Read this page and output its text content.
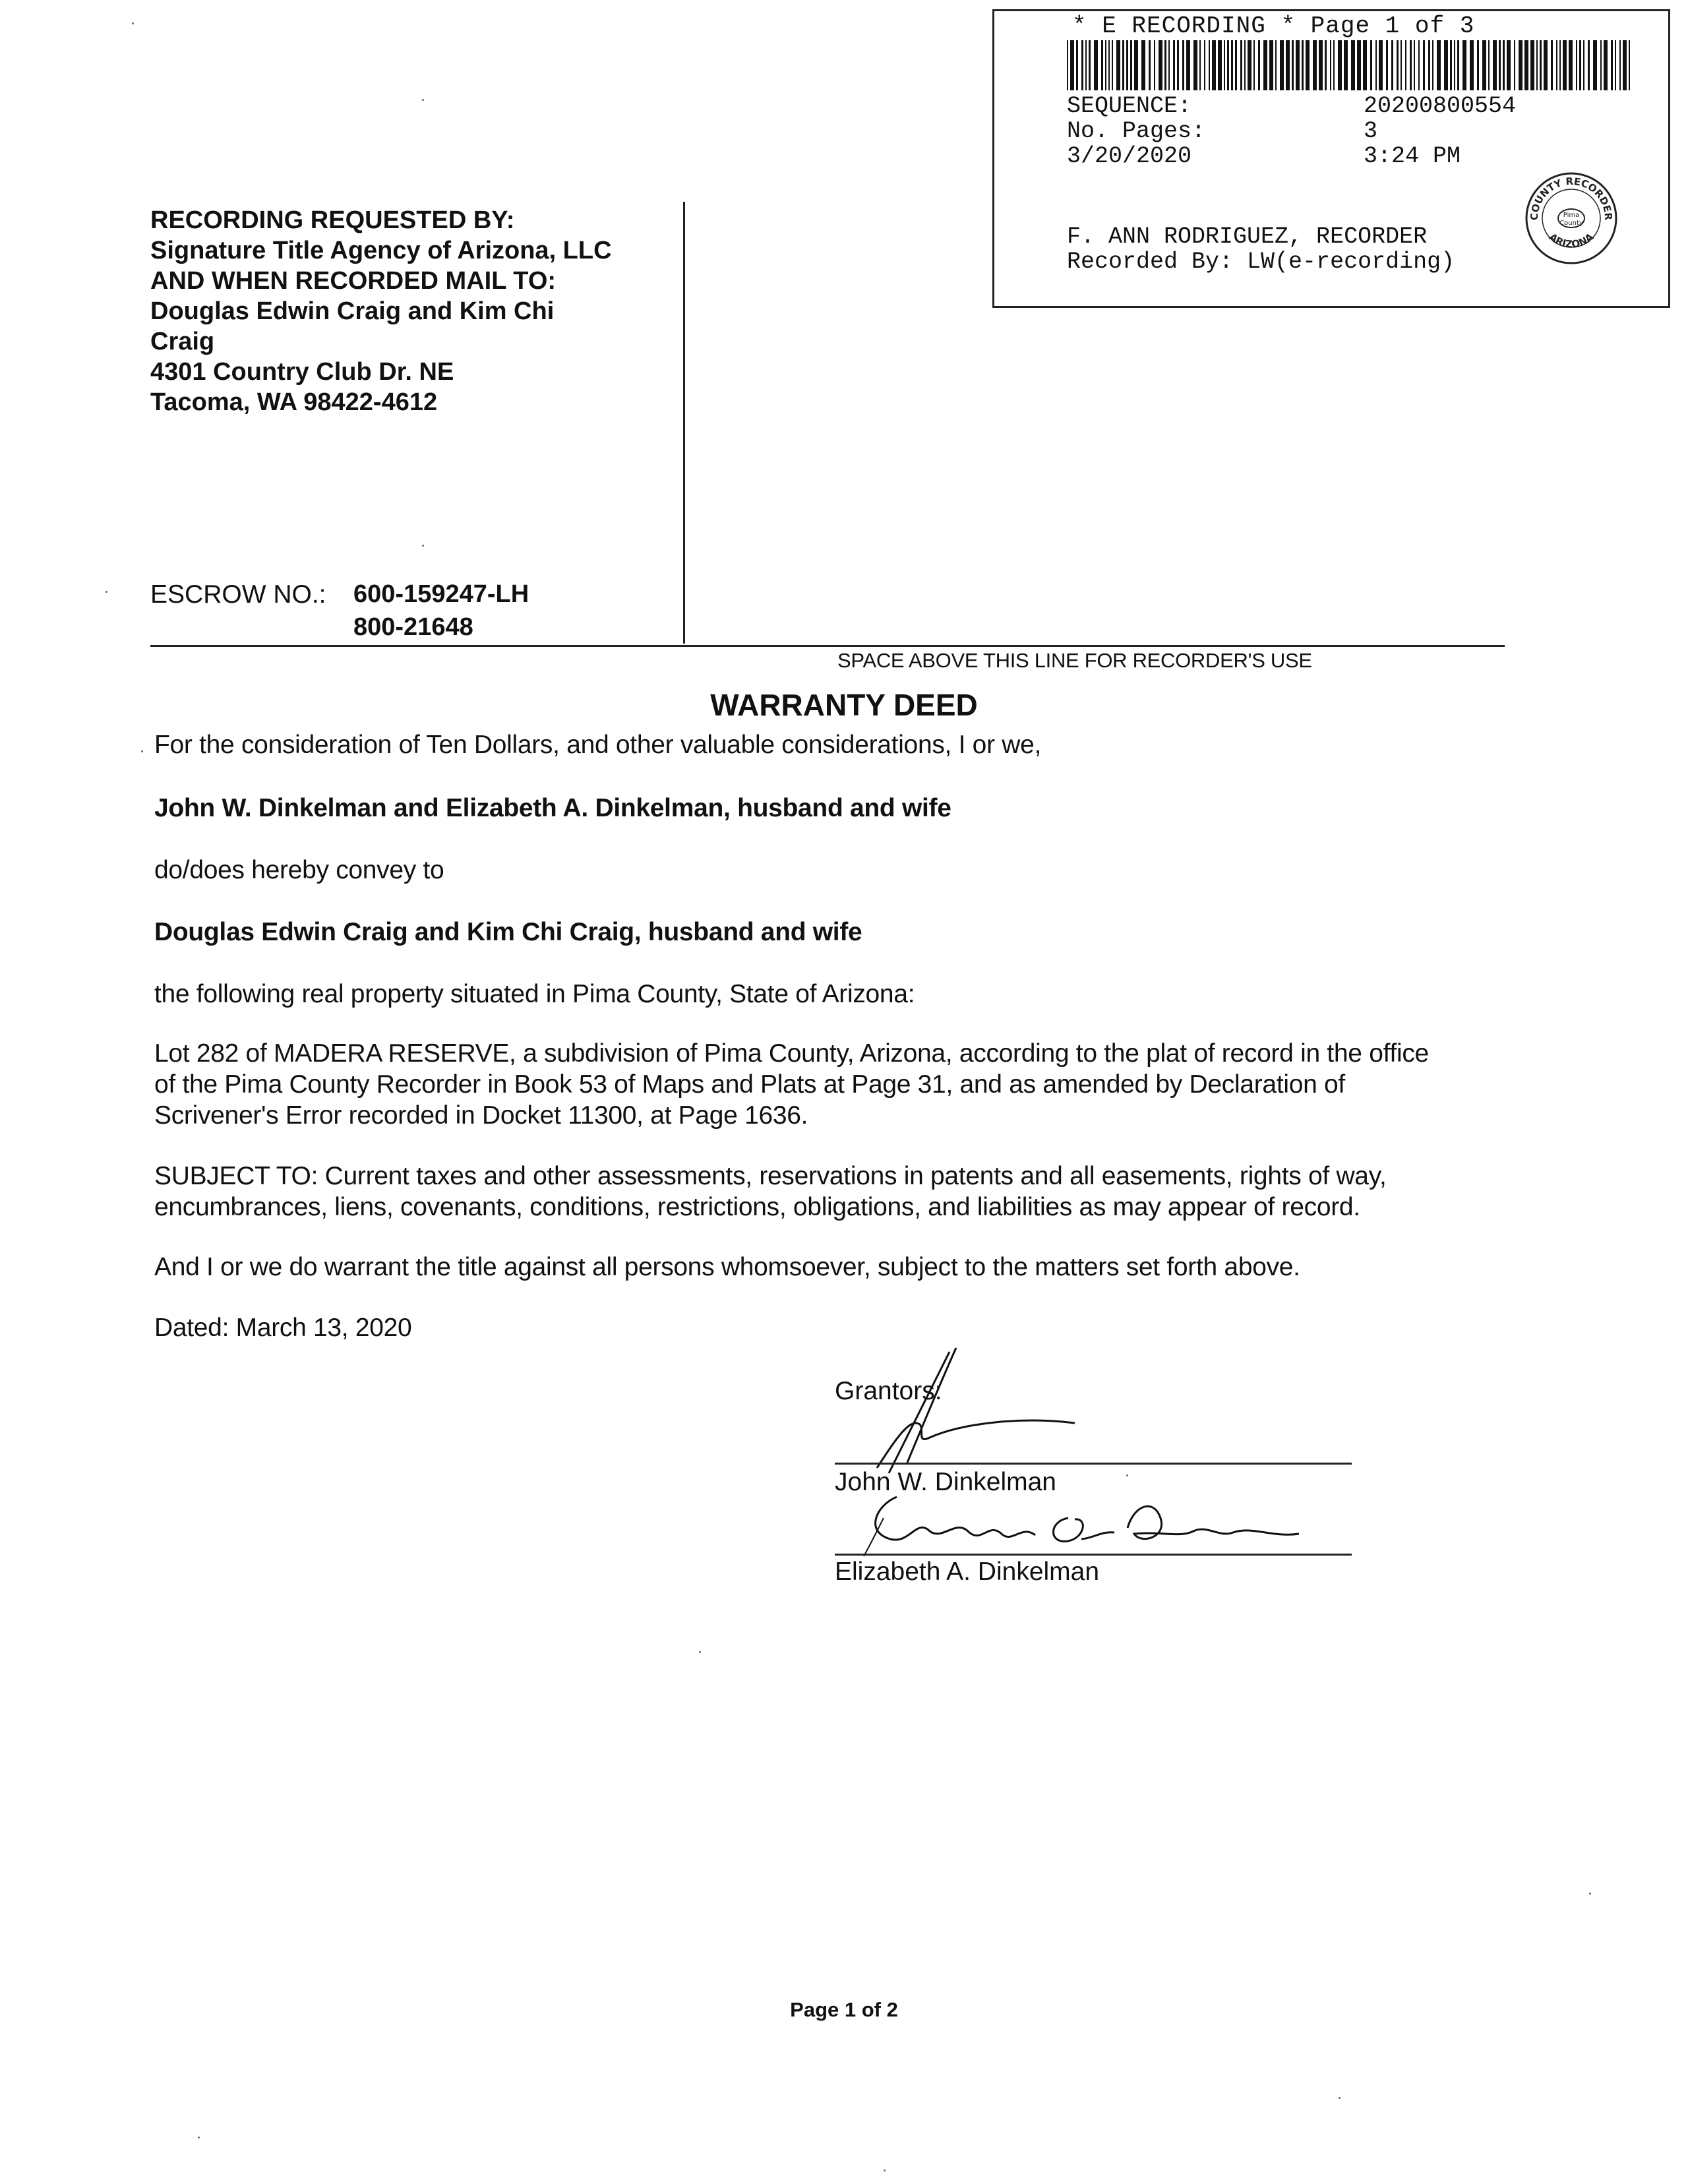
* E RECORDING * Page 1 of 3
SEQUENCE:	20200800554
No. Pages:	3
3/20/2020	3:24 PM
F. ANN RODRIGUEZ, RECORDER
Recorded By: LW(e-recording)
COUNTY RECORDER
ARIZONA
Pima
County
RECORDING REQUESTED BY:
Signature Title Agency of Arizona, LLC
AND WHEN RECORDED MAIL TO:
Douglas Edwin Craig and Kim Chi
Craig
4301 Country Club Dr. NE
Tacoma, WA 98422-4612
ESCROW NO.: 600-159247-LH
800-21648
SPACE ABOVE THIS LINE FOR RECORDER'S USE
WARRANTY DEED
For the consideration of Ten Dollars, and other valuable considerations, I or we,
John W. Dinkelman and Elizabeth A. Dinkelman, husband and wife
do/does hereby convey to
Douglas Edwin Craig and Kim Chi Craig, husband and wife
the following real property situated in Pima County, State of Arizona:
Lot 282 of MADERA RESERVE, a subdivision of Pima County, Arizona, according to the plat of record in the office
of the Pima County Recorder in Book 53 of Maps and Plats at Page 31, and as amended by Declaration of
Scrivener's Error recorded in Docket 11300, at Page 1636.
SUBJECT TO: Current taxes and other assessments, reservations in patents and all easements, rights of way,
encumbrances, liens, covenants, conditions, restrictions, obligations, and liabilities as may appear of record.
And I or we do warrant the title against all persons whomsoever, subject to the matters set forth above.
Dated: March 13, 2020
Grantors:
John W. Dinkelman
Elizabeth A. Dinkelman
Page 1 of 2
